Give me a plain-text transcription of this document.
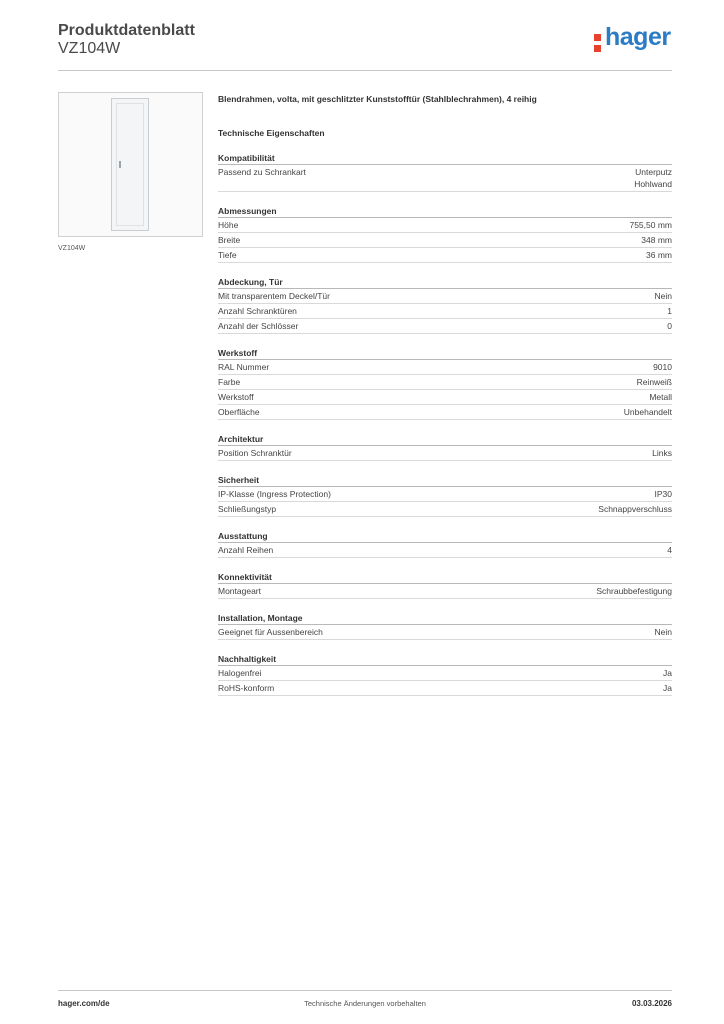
Produktdatenblatt
VZ104W	hager
VZ104W
Blendrahmen, volta, mit geschlitzter Kunststofftür (Stahlblechrahmen), 4 reihig
Technische Eigenschaften
Kompatibilität
Passend zu Schrankart	Unterputz
Hohlwand
Abmessungen
Höhe	755,50 mm
Breite	348 mm
Tiefe	36 mm
Abdeckung, Tür
Mit transparentem Deckel/Tür	Nein
Anzahl Schranktüren	1
Anzahl der Schlösser	0
Werkstoff
RAL Nummer	9010
Farbe	Reinweiß
Werkstoff	Metall
Oberfläche	Unbehandelt
Architektur
Position Schranktür	Links
Sicherheit
IP-Klasse (Ingress Protection)	IP30
Schließungstyp	Schnappverschluss
Ausstattung
Anzahl Reihen	4
Konnektivität
Montageart	Schraubbefestigung
Installation, Montage
Geeignet für Aussenbereich	Nein
Nachhaltigkeit
Halogenfrei	Ja
RoHS-konform	Ja
hager.com/de	Technische Änderungen vorbehalten	03.03.2026
